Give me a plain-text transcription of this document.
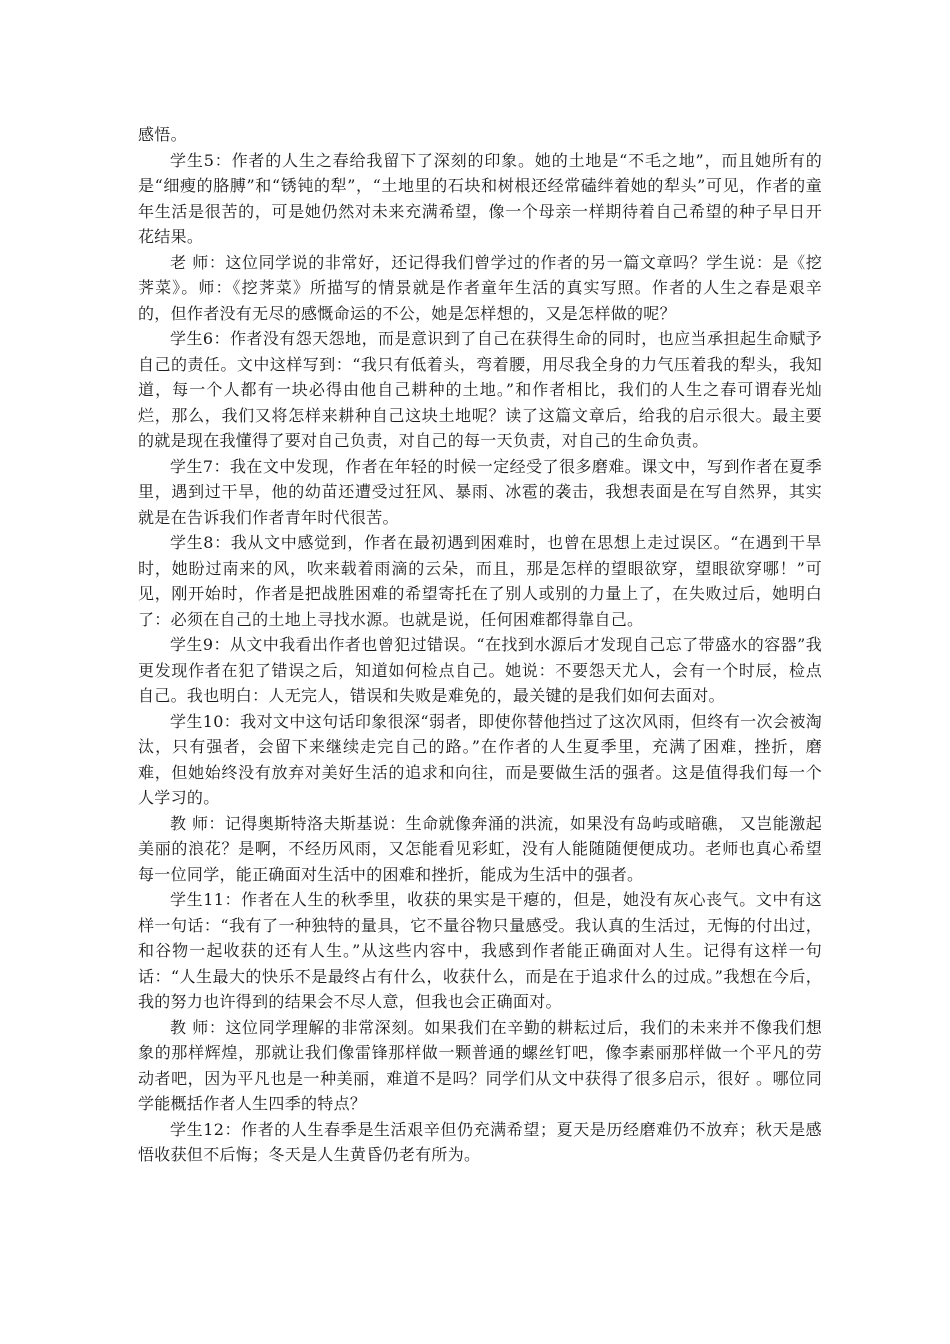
感悟。

学生5：作者的人生之春给我留下了深刻的印象。她的土地是“不毛之地”，而且她所有的是“细瘦的胳膊”和“锈钝的犁”，“土地里的石块和树根还经常磕绊着她的犁头”可见，作者的童年生活是很苦的，可是她仍然对未来充满希望，像一个母亲一样期待着自己希望的种子早日开花结果。

老 师：这位同学说的非常好，还记得我们曾学过的作者的另一篇文章吗？学生说：是《挖荠菜》。师：《挖荠菜》所描写的情景就是作者童年生活的真实写照。作者的人生之春是艰辛的，但作者没有无尽的感慨命运的不公，她是怎样想的，又是怎样做的呢？

学生6：作者没有怨天怨地，而是意识到了自己在获得生命的同时，也应当承担起生命赋予自己的责任。文中这样写到：“我只有低着头，弯着腰，用尽我全身的力气压着我的犁头，我知道，每一个人都有一块必得由他自己耕种的土地。”和作者相比，我们的人生之春可谓春光灿烂，那么，我们又将怎样来耕种自己这块土地呢？读了这篇文章后，给我的启示很大。最主要的就是现在我懂得了要对自己负责，对自己的每一天负责，对自己的生命负责。

学生7：我在文中发现，作者在年轻的时候一定经受了很多磨难。课文中，写到作者在夏季里，遇到过干旱，他的幼苗还遭受过狂风、暴雨、冰雹的袭击，我想表面是在写自然界，其实就是在告诉我们作者青年时代很苦。

学生8：我从文中感觉到，作者在最初遇到困难时，也曾在思想上走过误区。“在遇到干旱时，她盼过南来的风，吹来载着雨滴的云朵，而且，那是怎样的望眼欲穿，望眼欲穿哪！”可见，刚开始时，作者是把战胜困难的希望寄托在了别人或别的力量上了，在失败过后，她明白了：必须在自己的土地上寻找水源。也就是说，任何困难都得靠自己。

学生9：从文中我看出作者也曾犯过错误。“在找到水源后才发现自己忘了带盛水的容器”我更发现作者在犯了错误之后，知道如何检点自己。她说：不要怨天尤人，会有一个时辰，检点自己。我也明白：人无完人，错误和失败是难免的，最关键的是我们如何去面对。

学生10：我对文中这句话印象很深“弱者，即使你替他挡过了这次风雨，但终有一次会被淘汰，只有强者，会留下来继续走完自己的路。”在作者的人生夏季里，充满了困难，挫折，磨难，但她始终没有放弃对美好生活的追求和向往，而是要做生活的强者。这是值得我们每一个人学习的。

教 师：记得奥斯特洛夫斯基说：生命就像奔涌的洪流，如果没有岛屿或暗礁， 又岂能激起美丽的浪花？是啊，不经历风雨，又怎能看见彩虹，没有人能随随便便成功。老师也真心希望每一位同学，能正确面对生活中的困难和挫折，能成为生活中的强者。

学生11：作者在人生的秋季里，收获的果实是干瘪的，但是，她没有灰心丧气。文中有这样一句话：“我有了一种独特的量具，它不量谷物只量感受。我认真的生活过，无悔的付出过，和谷物一起收获的还有人生。”从这些内容中，我感到作者能正确面对人生。记得有这样一句话：“人生最大的快乐不是最终占有什么，收获什么，而是在于追求什么的过成。”我想在今后，我的努力也许得到的结果会不尽人意，但我也会正确面对。

教 师：这位同学理解的非常深刻。如果我们在辛勤的耕耘过后，我们的未来并不像我们想象的那样辉煌，那就让我们像雷锋那样做一颗普通的螺丝钉吧，像李素丽那样做一个平凡的劳动者吧，因为平凡也是一种美丽，难道不是吗？同学们从文中获得了很多启示，很好 。哪位同学能概括作者人生四季的特点？

学生12：作者的人生春季是生活艰辛但仍充满希望；夏天是历经磨难仍不放弃；秋天是感悟收获但不后悔；冬天是人生黄昏仍老有所为。
